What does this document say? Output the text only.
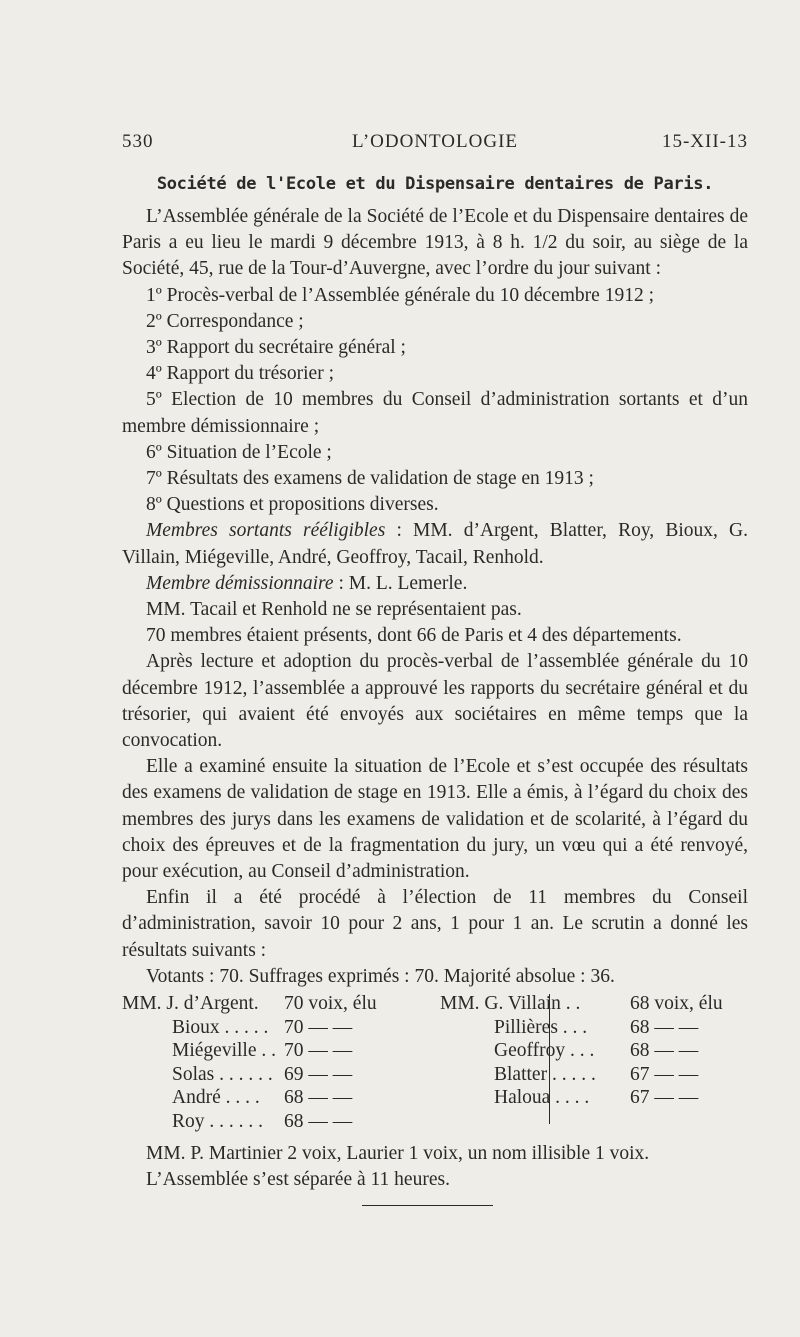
530	L’ODONTOLOGIE	15-XII-13
Société de l'Ecole et du Dispensaire dentaires de Paris.

L’Assemblée générale de la Société de l’Ecole et du Dispensaire dentaires de Paris a eu lieu le mardi 9 décembre 1913, à 8 h. 1/2 du soir, au siège de la Société, 45, rue de la Tour-d’Auvergne, avec l’ordre du jour suivant :

1º Procès-verbal de l’Assemblée générale du 10 décembre 1912 ;

2º Correspondance ;

3º Rapport du secrétaire général ;

4º Rapport du trésorier ;

5º Election de 10 membres du Conseil d’administration sortants et d’un membre démissionnaire ;

6º Situation de l’Ecole ;

7º Résultats des examens de validation de stage en 1913 ;

8º Questions et propositions diverses.

Membres sortants rééligibles : MM. d’Argent, Blatter, Roy, Bioux, G. Villain, Miégeville, André, Geoffroy, Tacail, Renhold.

Membre démissionnaire : M. L. Lemerle.

MM. Tacail et Renhold ne se représentaient pas.

70 membres étaient présents, dont 66 de Paris et 4 des départements.

Après lecture et adoption du procès-verbal de l’assemblée générale du 10 décembre 1912, l’assemblée a approuvé les rapports du secrétaire général et du trésorier, qui avaient été envoyés aux sociétaires en même temps que la convocation.

Elle a examiné ensuite la situation de l’Ecole et s’est occupée des résultats des examens de validation de stage en 1913. Elle a émis, à l’égard du choix des membres des jurys dans les examens de validation et de scolarité, à l’égard du choix des épreuves et de la fragmentation du jury, un vœu qui a été renvoyé, pour exécution, au Conseil d’administration.

Enfin il a été procédé à l’élection de 11 membres du Conseil d’administration, savoir 10 pour 2 ans, 1 pour 1 an. Le scrutin a donné les résultats suivants :

Votants : 70. Suffrages exprimés : 70. Majorité absolue : 36.

MM. J. d’Argent. 70 voix, élu
Bioux . . . . . 70 — —
Miégeville . . 70 — —
Solas . . . . . . 69 — —
André . . . . 68 — —
Roy . . . . . . 68 — —
MM. G. Villain . .	68 voix, élu
Pillières . . . 68 — —
Geoffroy . . . 68 — —
Blatter . . . . . 67 — —
Haloua . . . . 67 — —

MM. P. Martinier 2 voix, Laurier 1 voix, un nom illisible 1 voix.

L’Assemblée s’est séparée à 11 heures.
